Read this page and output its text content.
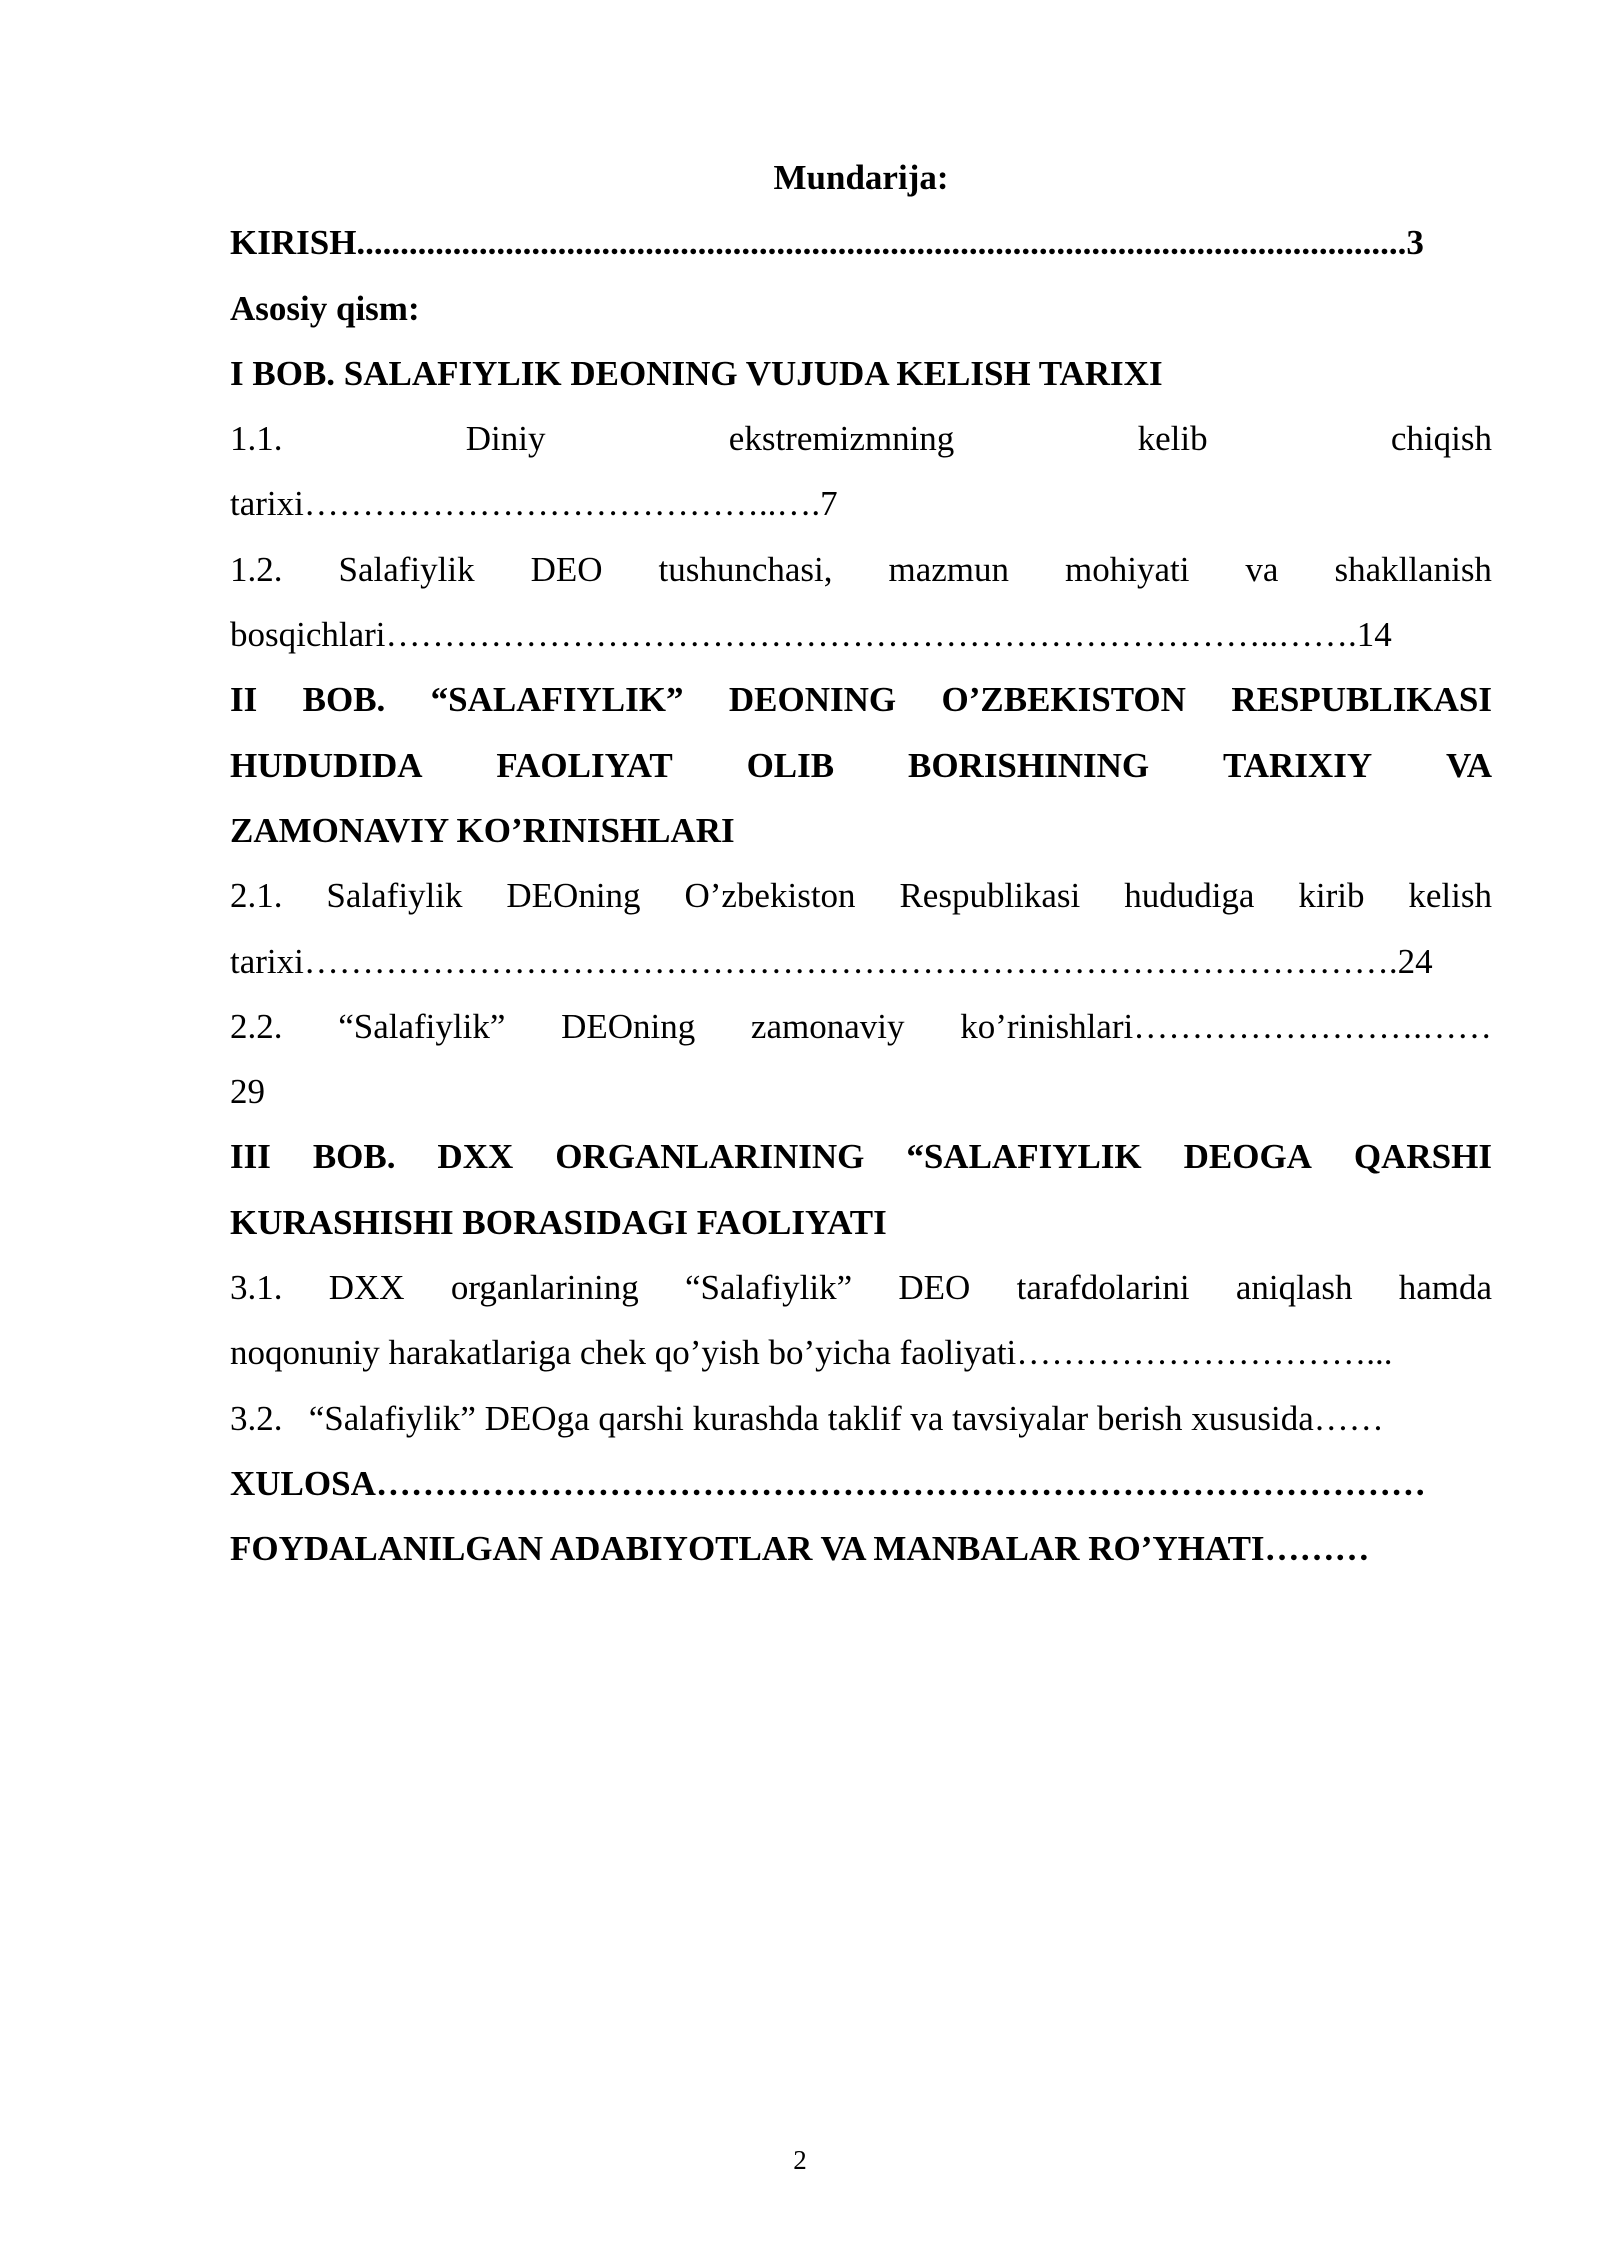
Mundarija:

KIRISH........................................................................................................................3

Asosiy qism:

I BOB. SALAFIYLIK DEONING VUJUDA KELISH TARIXI

1.1.	Diniy	ekstremizmning	kelib	chiqish

tarixi…………………………………..….7

1.2. Salafiylik DEO tushunchasi, mazmun mohiyati va shakllanish

bosqichlari…………………………………………………………………..…….14

II BOB. “SALAFIYLIK” DEONING O’ZBEKISTON RESPUBLIKASI
HUDUDIDA FAOLIYAT OLIB BORISHINING TARIXIY VA

ZAMONAVIY KO’RINISHLARI

2.1. Salafiylik DEOning O’zbekiston Respublikasi hududiga kirib kelish

tarixi………………………………………………………………………………….24

2.2. “Salafiylik” DEOning zamonaviy ko’rinishlari…………………….……

29

III BOB. DXX ORGANLARINING “SALAFIYLIK DEOGA QARSHI

KURASHISHI BORASIDAGI FAOLIYATI

3.1. DXX organlarining “Salafiylik” DEO tarafdolarini aniqlash hamda

noqonuniy harakatlariga chek qo’yish bo’yicha faoliyati…………………………...

3.2.   “Salafiylik” DEOga qarshi kurashda taklif va tavsiyalar berish xususida……

XULOSA………………………………………………………………………………

FOYDALANILGAN ADABIYOTLAR VA MANBALAR RO’YHATI………

2
